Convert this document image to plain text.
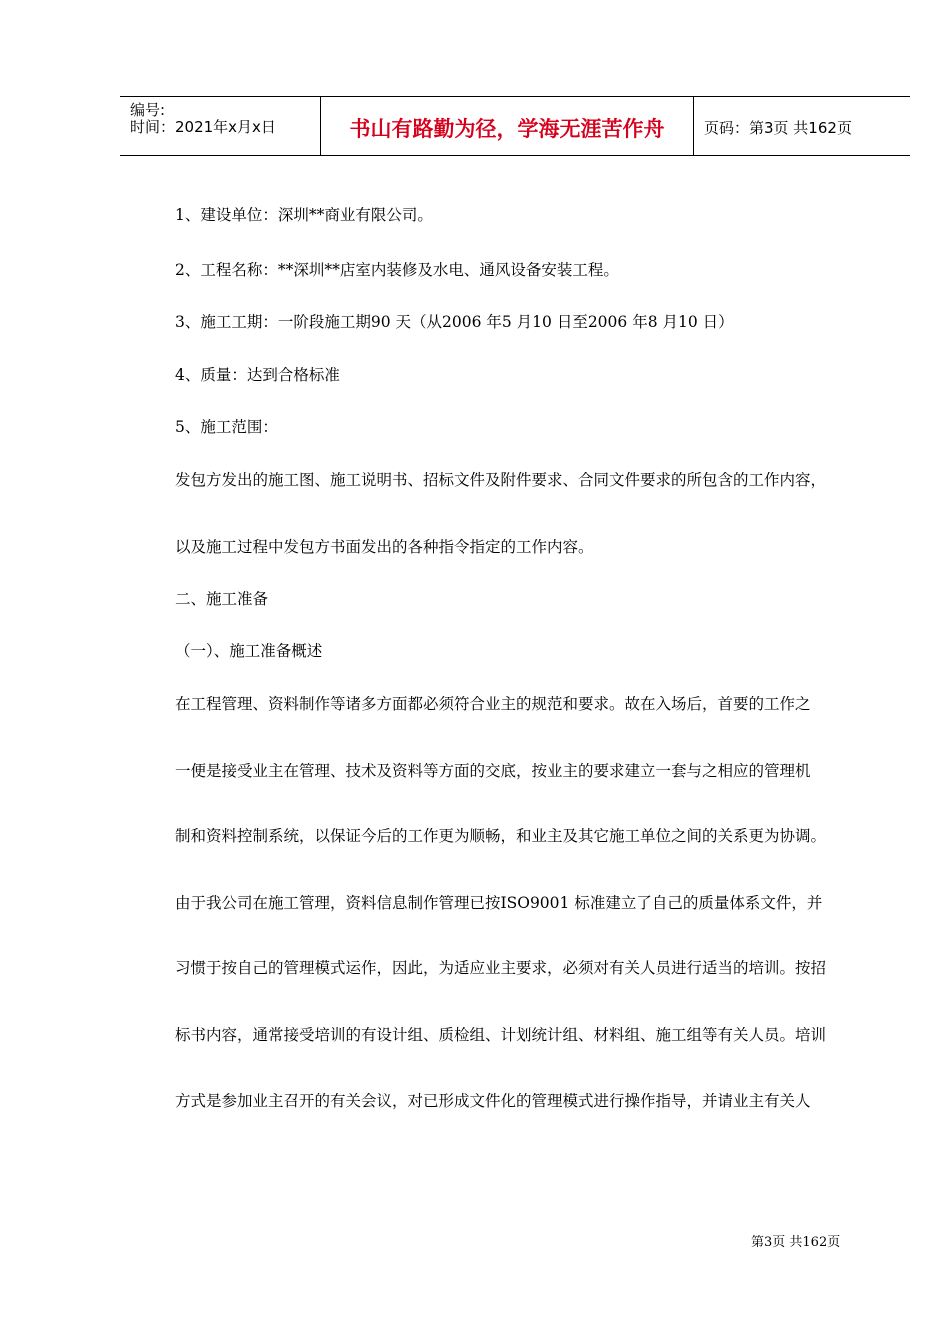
编号:
时间：2021年x月x日	书山有路勤为径，学海无涯苦作舟	页码：第3页 共162页
1、建设单位：深圳**商业有限公司。
2、工程名称：**深圳**店室内装修及水电、通风设备安装工程。
3、施工工期：一阶段施工期90 天（从2006 年5 月10 日至2006 年8 月10 日）
4、质量：达到合格标准
5、施工范围：
发包方发出的施工图、施工说明书、招标文件及附件要求、合同文件要求的所包含的工作内容，
以及施工过程中发包方书面发出的各种指令指定的工作内容。
二、施工准备
（一）、施工准备概述
在工程管理、资料制作等诸多方面都必须符合业主的规范和要求。故在入场后，首要的工作之
一便是接受业主在管理、技术及资料等方面的交底，按业主的要求建立一套与之相应的管理机
制和资料控制系统，以保证今后的工作更为顺畅，和业主及其它施工单位之间的关系更为协调。
由于我公司在施工管理，资料信息制作管理已按ISO9001 标准建立了自己的质量体系文件，并
习惯于按自己的管理模式运作，因此，为适应业主要求，必须对有关人员进行适当的培训。按招
标书内容，通常接受培训的有设计组、质检组、计划统计组、材料组、施工组等有关人员。培训
方式是参加业主召开的有关会议，对已形成文件化的管理模式进行操作指导，并请业主有关人
第3页 共162页
